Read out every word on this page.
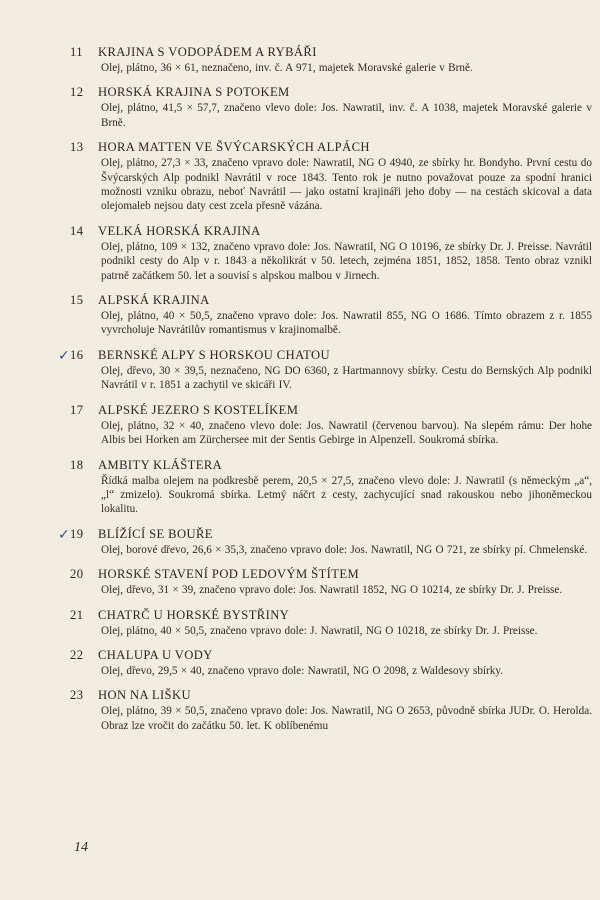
11	KRAJINA S VODOPÁDEM A RYBÁŘI
Olej, plátno, 36 × 61, neznačeno, inv. č. A 971, majetek Moravské galerie v Brně.
12	HORSKÁ KRAJINA S POTOKEM
Olej, plátno, 41,5 × 57,7, značeno vlevo dole: Jos. Nawratil, inv. č. A 1038, majetek Moravské galerie v Brně.
13	HORA MATTEN VE ŠVÝCARSKÝCH ALPÁCH
Olej, plátno, 27,3 × 33, značeno vpravo dole: Nawratil, NG O 4940, ze sbírky hr. Bondyho. První cestu do Švýcarských Alp podnikl Navrátil v roce 1843. Tento rok je nutno považovat pouze za spodní hranici možnosti vzniku obrazu, neboť Navrátil — jako ostatní krajináři jeho doby — na cestách skicoval a data olejomaleb nejsou daty cest zcela přesně vázána.
14	VELKÁ HORSKÁ KRAJINA
Olej, plátno, 109 × 132, značeno vpravo dole: Jos. Nawratil, NG O 10196, ze sbírky Dr. J. Preisse. Navrátil podnikl cesty do Alp v r. 1843 a několikrát v 50. letech, zejména 1851, 1852, 1858. Tento obraz vznikl patrně začátkem 50. let a souvisí s alpskou malbou v Jirnech.
15	ALPSKÁ KRAJINA
Olej, plátno, 40 × 50,5, značeno vpravo dole: Jos. Nawratil 855, NG O 1686. Tímto obrazem z r. 1855 vyvrcholuje Navrátilův romantismus v krajinomalbě.
✓ 16	BERNSKÉ ALPY S HORSKOU CHATOU
Olej, dřevo, 30 × 39,5, neznačeno, NG DO 6360, z Hartmannovy sbírky. Cestu do Bernských Alp podnikl Navrátil v r. 1851 a zachytil ve skicáři IV.
17	ALPSKÉ JEZERO S KOSTELÍKEM
Olej, plátno, 32 × 40, značeno vlevo dole: Jos. Nawratil (červenou barvou). Na slepém rámu: Der hohe Albis bei Horken am Zürchersee mit der Sentis Gebirge in Alpenzell. Soukromá sbírka.
18	AMBITY KLÁŠTERA
Řídká malba olejem na podkresbě perem, 20,5 × 27,5, značeno vlevo dole: J. Nawratil (s německým „a“, „l“ zmizelo). Soukromá sbírka. Letmý náčrt z cesty, zachycující snad rakouskou nebo jihoněmeckou lokalitu.
✓ 19	BLÍŽÍCÍ SE BOUŘE
Olej, borové dřevo, 26,6 × 35,3, značeno vpravo dole: Jos. Nawratil, NG O 721, ze sbírky pí. Chmelenské.
20	HORSKÉ STAVENÍ POD LEDOVÝM ŠTÍTEM
Olej, dřevo, 31 × 39, značeno vpravo dole: Jos. Nawratil 1852, NG O 10214, ze sbírky Dr. J. Preisse.
21	CHATRČ U HORSKÉ BYSTŘINY
Olej, plátno, 40 × 50,5, značeno vpravo dole: J. Nawratil, NG O 10218, ze sbírky Dr. J. Preisse.
22	CHALUPA U VODY
Olej, dřevo, 29,5 × 40, značeno vpravo dole: Nawratil, NG O 2098, z Waldesovy sbírky.
23	HON NA LIŠKU
Olej, plátno, 39 × 50,5, značeno vpravo dole: Jos. Nawratil, NG O 2653, původně sbírka JUDr. O. Herolda. Obraz lze vročit do začátku 50. let. K oblíbenému
14
